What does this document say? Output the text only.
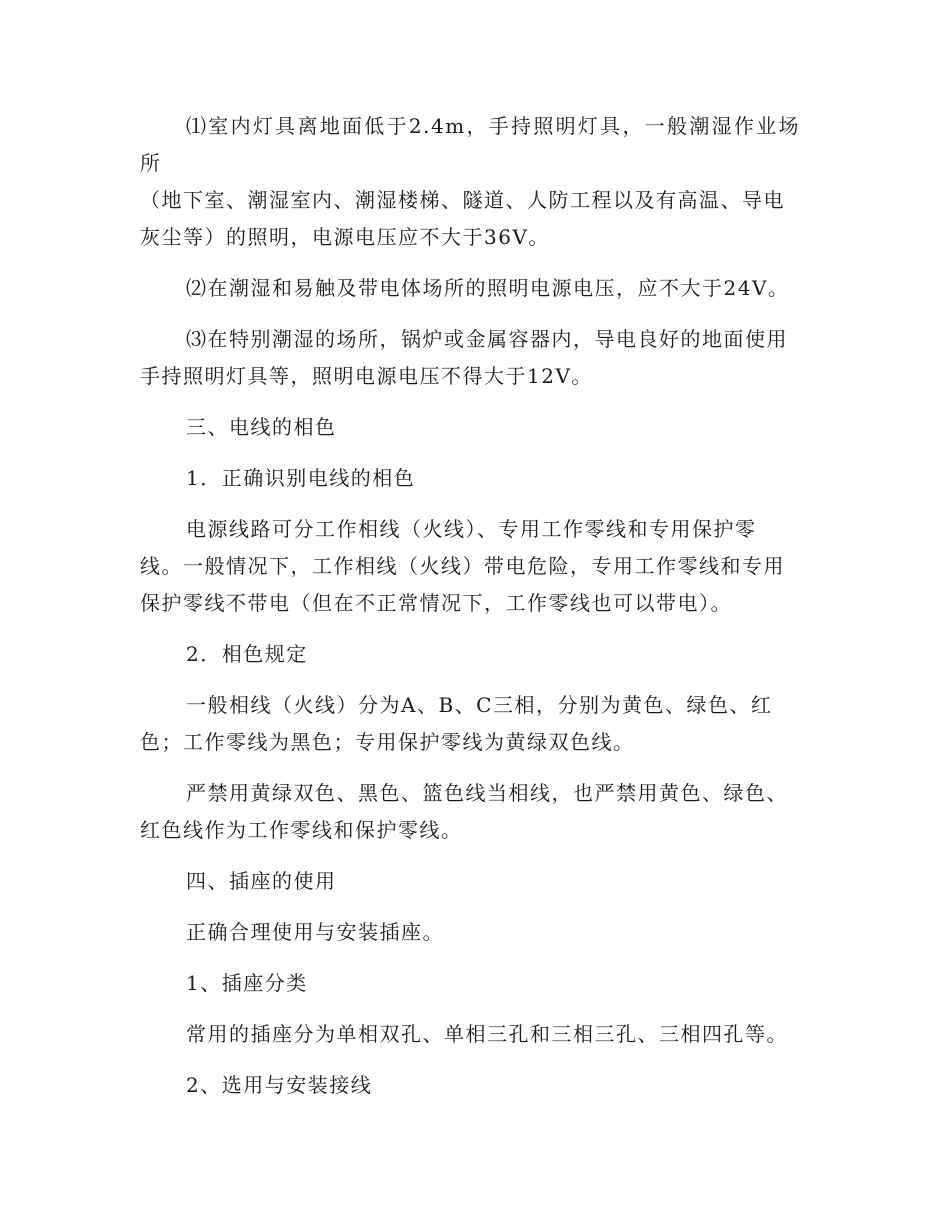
⑴室内灯具离地面低于2.4m，手持照明灯具，一般潮湿作业场所
（地下室、潮湿室内、潮湿楼梯、隧道、人防工程以及有高温、导电
灰尘等）的照明，电源电压应不大于36V。

⑵在潮湿和易触及带电体场所的照明电源电压，应不大于24V。

⑶在特别潮湿的场所，锅炉或金属容器内，导电良好的地面使用
手持照明灯具等，照明电源电压不得大于12V。

三、电线的相色

1．正确识别电线的相色

电源线路可分工作相线（火线）、专用工作零线和专用保护零
线。一般情况下，工作相线（火线）带电危险，专用工作零线和专用
保护零线不带电（但在不正常情况下，工作零线也可以带电）。

2．相色规定

一般相线（火线）分为A、B、C三相，分别为黄色、绿色、红
色；工作零线为黑色；专用保护零线为黄绿双色线。

严禁用黄绿双色、黑色、篮色线当相线，也严禁用黄色、绿色、
红色线作为工作零线和保护零线。

四、插座的使用

正确合理使用与安装插座。

1、插座分类

常用的插座分为单相双孔、单相三孔和三相三孔、三相四孔等。

2、选用与安装接线
